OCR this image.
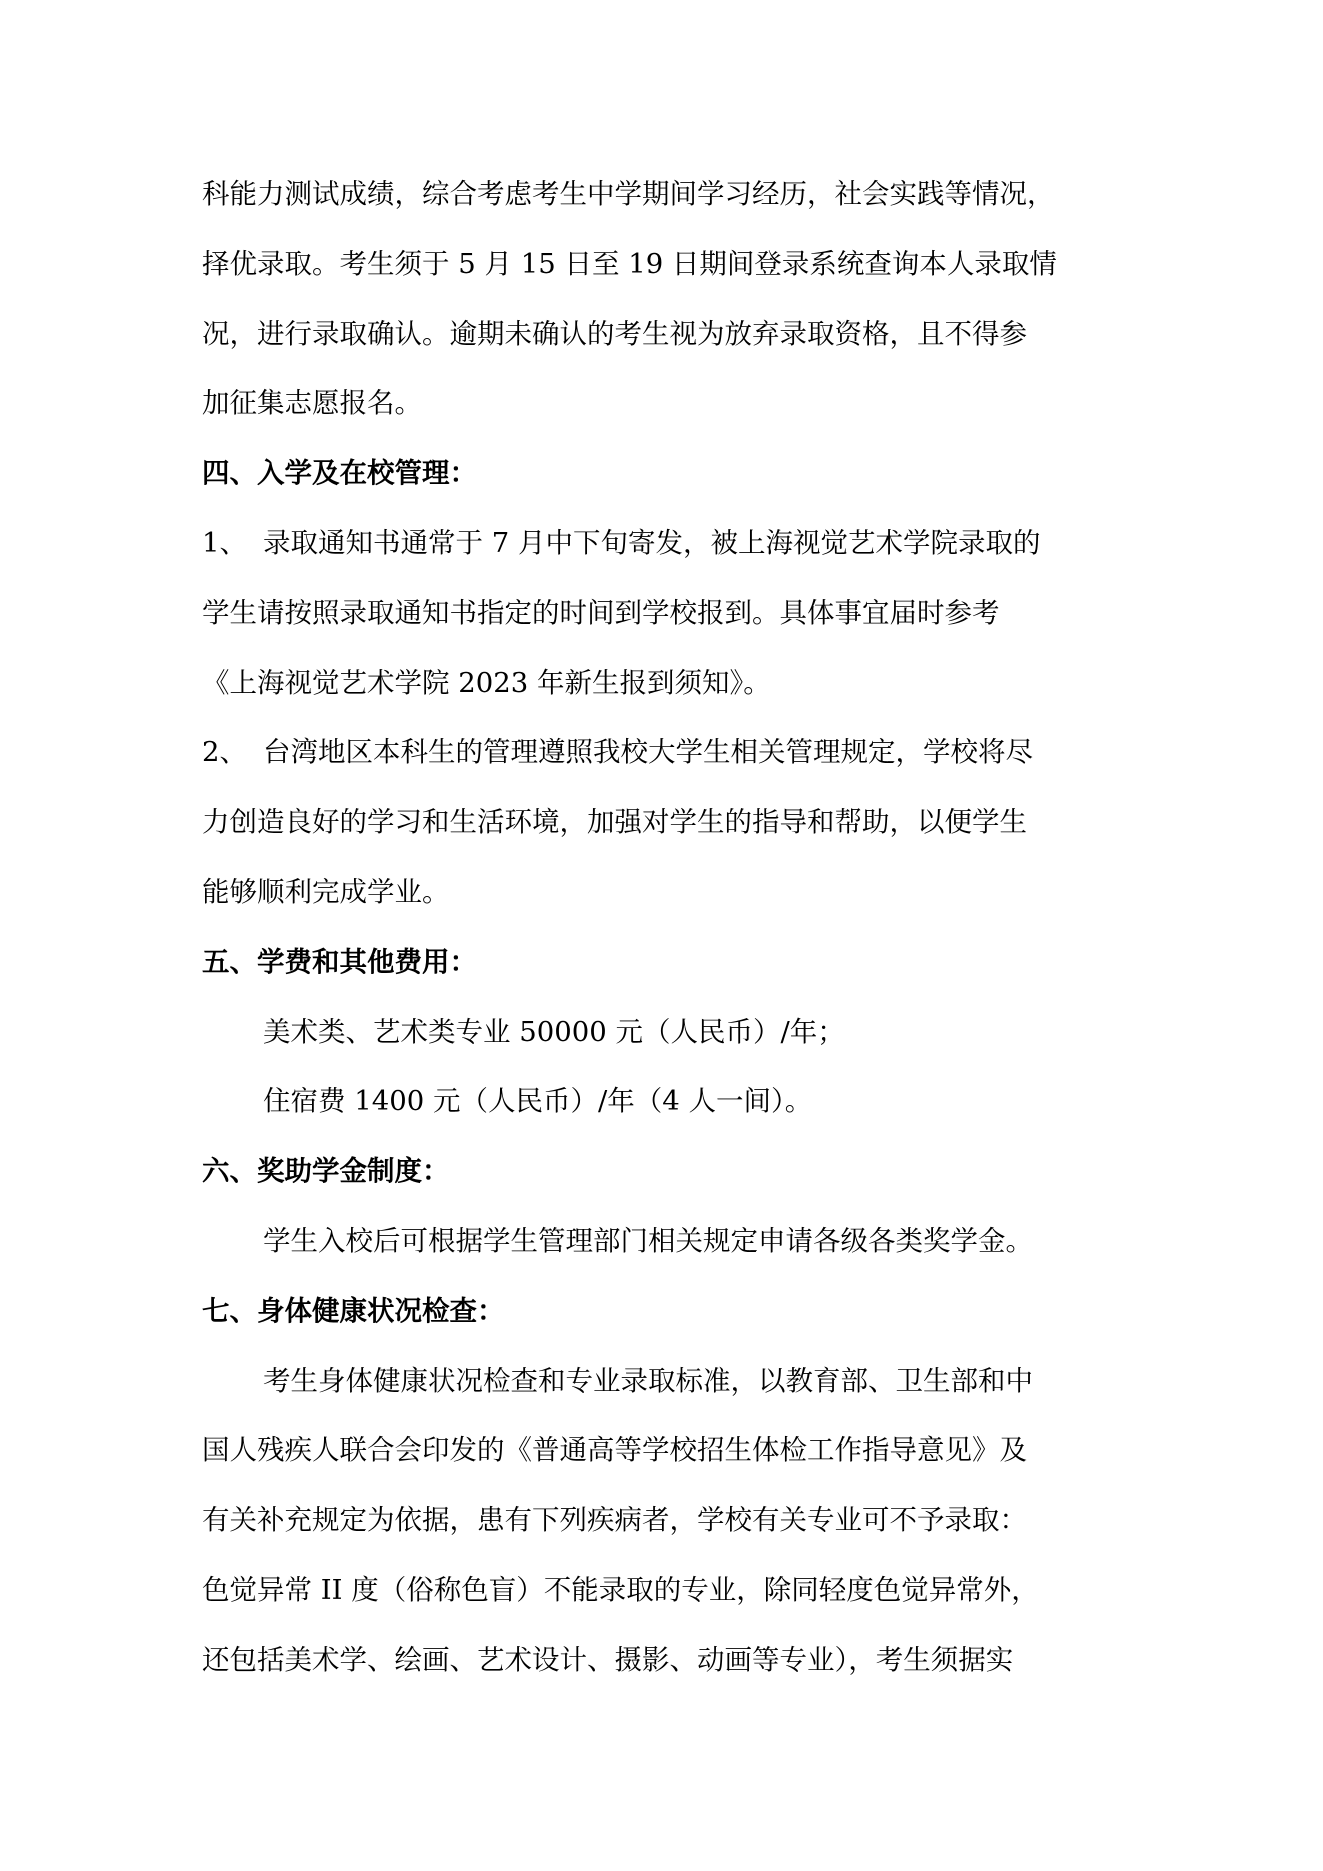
科能力测试成绩，综合考虑考生中学期间学习经历，社会实践等情况，
择优录取。考生须于 5 月 15 日至 19 日期间登录系统查询本人录取情
况，进行录取确认。逾期未确认的考生视为放弃录取资格，且不得参
加征集志愿报名。
四、入学及在校管理：
1、 录取通知书通常于 7 月中下旬寄发，被上海视觉艺术学院录取的
学生请按照录取通知书指定的时间到学校报到。具体事宜届时参考
《上海视觉艺术学院 2023 年新生报到须知》。
2、 台湾地区本科生的管理遵照我校大学生相关管理规定，学校将尽
力创造良好的学习和生活环境，加强对学生的指导和帮助，以便学生
能够顺利完成学业。
五、学费和其他费用：
美术类、艺术类专业 50000 元（人民币）/年；
住宿费 1400 元（人民币）/年（4 人一间）。
六、奖助学金制度：
学生入校后可根据学生管理部门相关规定申请各级各类奖学金。
七、身体健康状况检查：
考生身体健康状况检查和专业录取标准，以教育部、卫生部和中
国人残疾人联合会印发的《普通高等学校招生体检工作指导意见》及
有关补充规定为依据，患有下列疾病者，学校有关专业可不予录取：
色觉异常 II 度（俗称色盲）不能录取的专业，除同轻度色觉异常外，
还包括美术学、绘画、艺术设计、摄影、动画等专业），考生须据实
